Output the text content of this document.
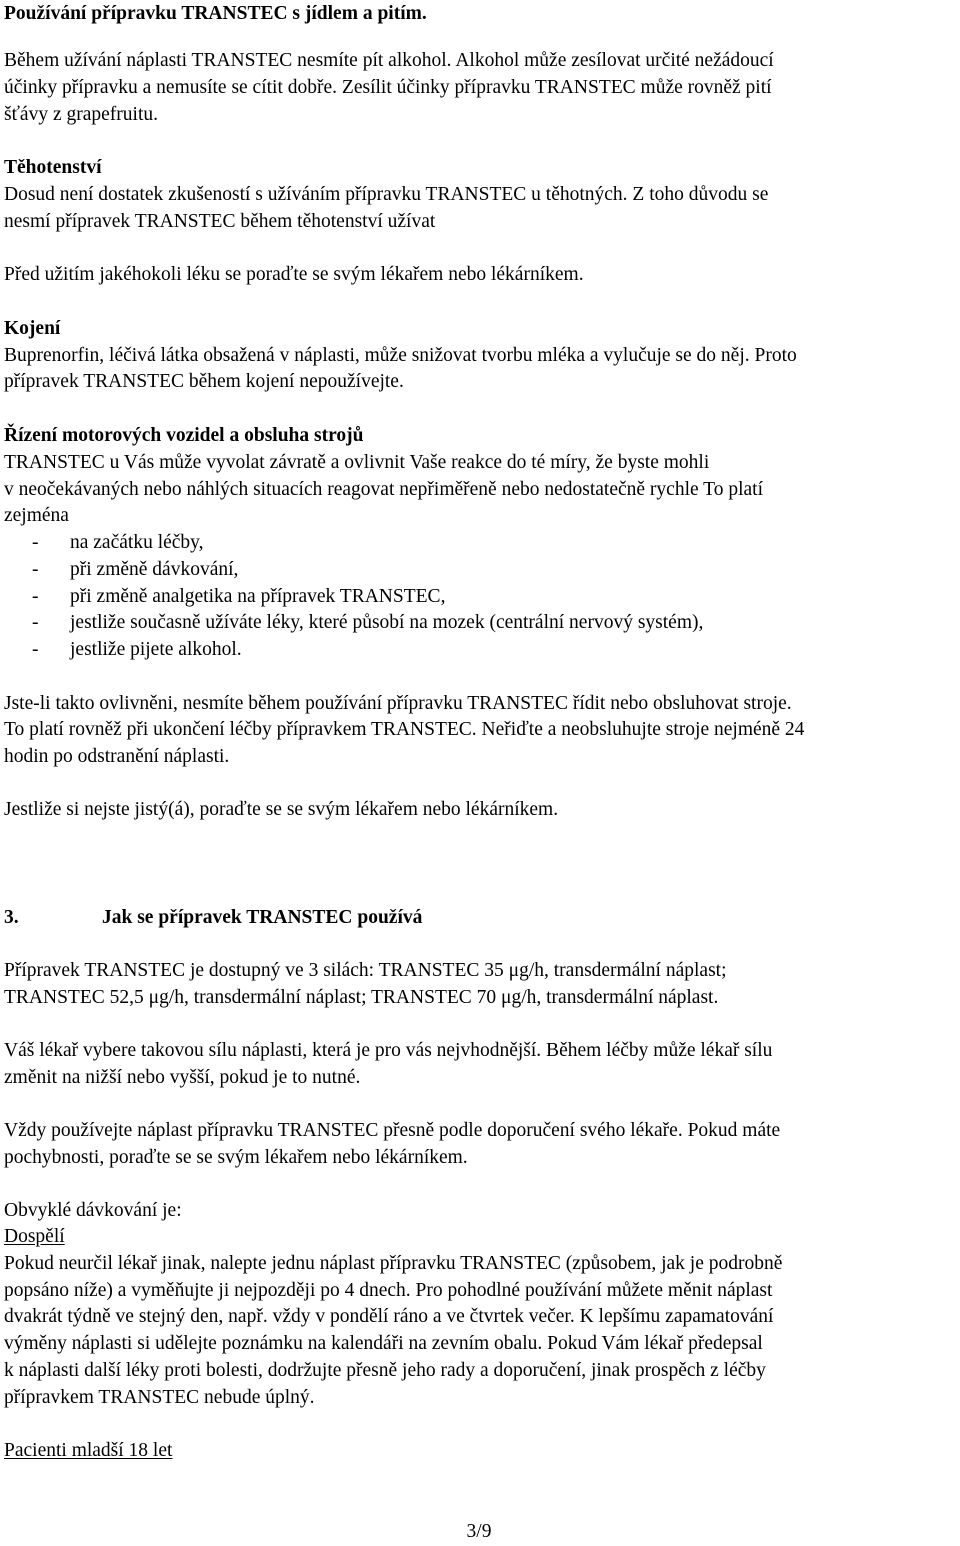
Používání přípravku TRANSTEC s jídlem a pitím.
Během užívání náplasti TRANSTEC nesmíte pít alkohol. Alkohol může zesílovat určité nežádoucí
účinky přípravku a nemusíte se cítit dobře. Zesílit účinky přípravku TRANSTEC může rovněž pití
šťávy z grapefruitu.
Těhotenství
Dosud není dostatek zkušeností s užíváním přípravku TRANSTEC u těhotných. Z toho důvodu se
nesmí přípravek TRANSTEC během těhotenství užívat
Před užitím jakéhokoli léku se poraďte se svým lékařem nebo lékárníkem.
Kojení
Buprenorfin, léčivá látka obsažená v náplasti, může snižovat tvorbu mléka a vylučuje se do něj. Proto
přípravek TRANSTEC během kojení nepoužívejte.
Řízení motorových vozidel a obsluha strojů
TRANSTEC u Vás může vyvolat závratě a ovlivnit Vaše reakce do té míry, že byste mohli
v neočekávaných nebo náhlých situacích reagovat nepřiměřeně nebo nedostatečně rychle To platí
zejména
- na začátku léčby,
- při změně dávkování,
- při změně analgetika na přípravek TRANSTEC,
- jestliže současně užíváte léky, které působí na mozek (centrální nervový systém),
- jestliže pijete alkohol.
Jste-li takto ovlivněni, nesmíte během používání přípravku TRANSTEC řídit nebo obsluhovat stroje.
To platí rovněž při ukončení léčby přípravkem TRANSTEC. Neřiďte a neobsluhujte stroje nejméně 24
hodin po odstranění náplasti.
Jestliže si nejste jistý(á), poraďte se se svým lékařem nebo lékárníkem.
3.	Jak se přípravek TRANSTEC používá
Přípravek TRANSTEC je dostupný ve 3 silách: TRANSTEC 35 μg/h, transdermální náplast;
TRANSTEC 52,5 μg/h, transdermální náplast; TRANSTEC 70 μg/h, transdermální náplast.
Váš lékař vybere takovou sílu náplasti, která je pro vás nejvhodnější. Během léčby může lékař sílu
změnit na nižší nebo vyšší, pokud je to nutné.
Vždy používejte náplast přípravku TRANSTEC přesně podle doporučení svého lékaře. Pokud máte
pochybnosti, poraďte se se svým lékařem nebo lékárníkem.
Obvyklé dávkování je:
Dospělí
Pokud neurčil lékař jinak, nalepte jednu náplast přípravku TRANSTEC (způsobem, jak je podrobně
popsáno níže) a vyměňujte ji nejpozději po 4 dnech. Pro pohodlné používání můžete měnit náplast
dvakrát týdně ve stejný den, např. vždy v pondělí ráno a ve čtvrtek večer. K lepšímu zapamatování
výměny náplasti si udělejte poznámku na kalendáři na zevním obalu. Pokud Vám lékař předepsal
k náplasti další léky proti bolesti, dodržujte přesně jeho rady a doporučení, jinak prospěch z léčby
přípravkem TRANSTEC nebude úplný.
Pacienti mladší 18 let
3/9
